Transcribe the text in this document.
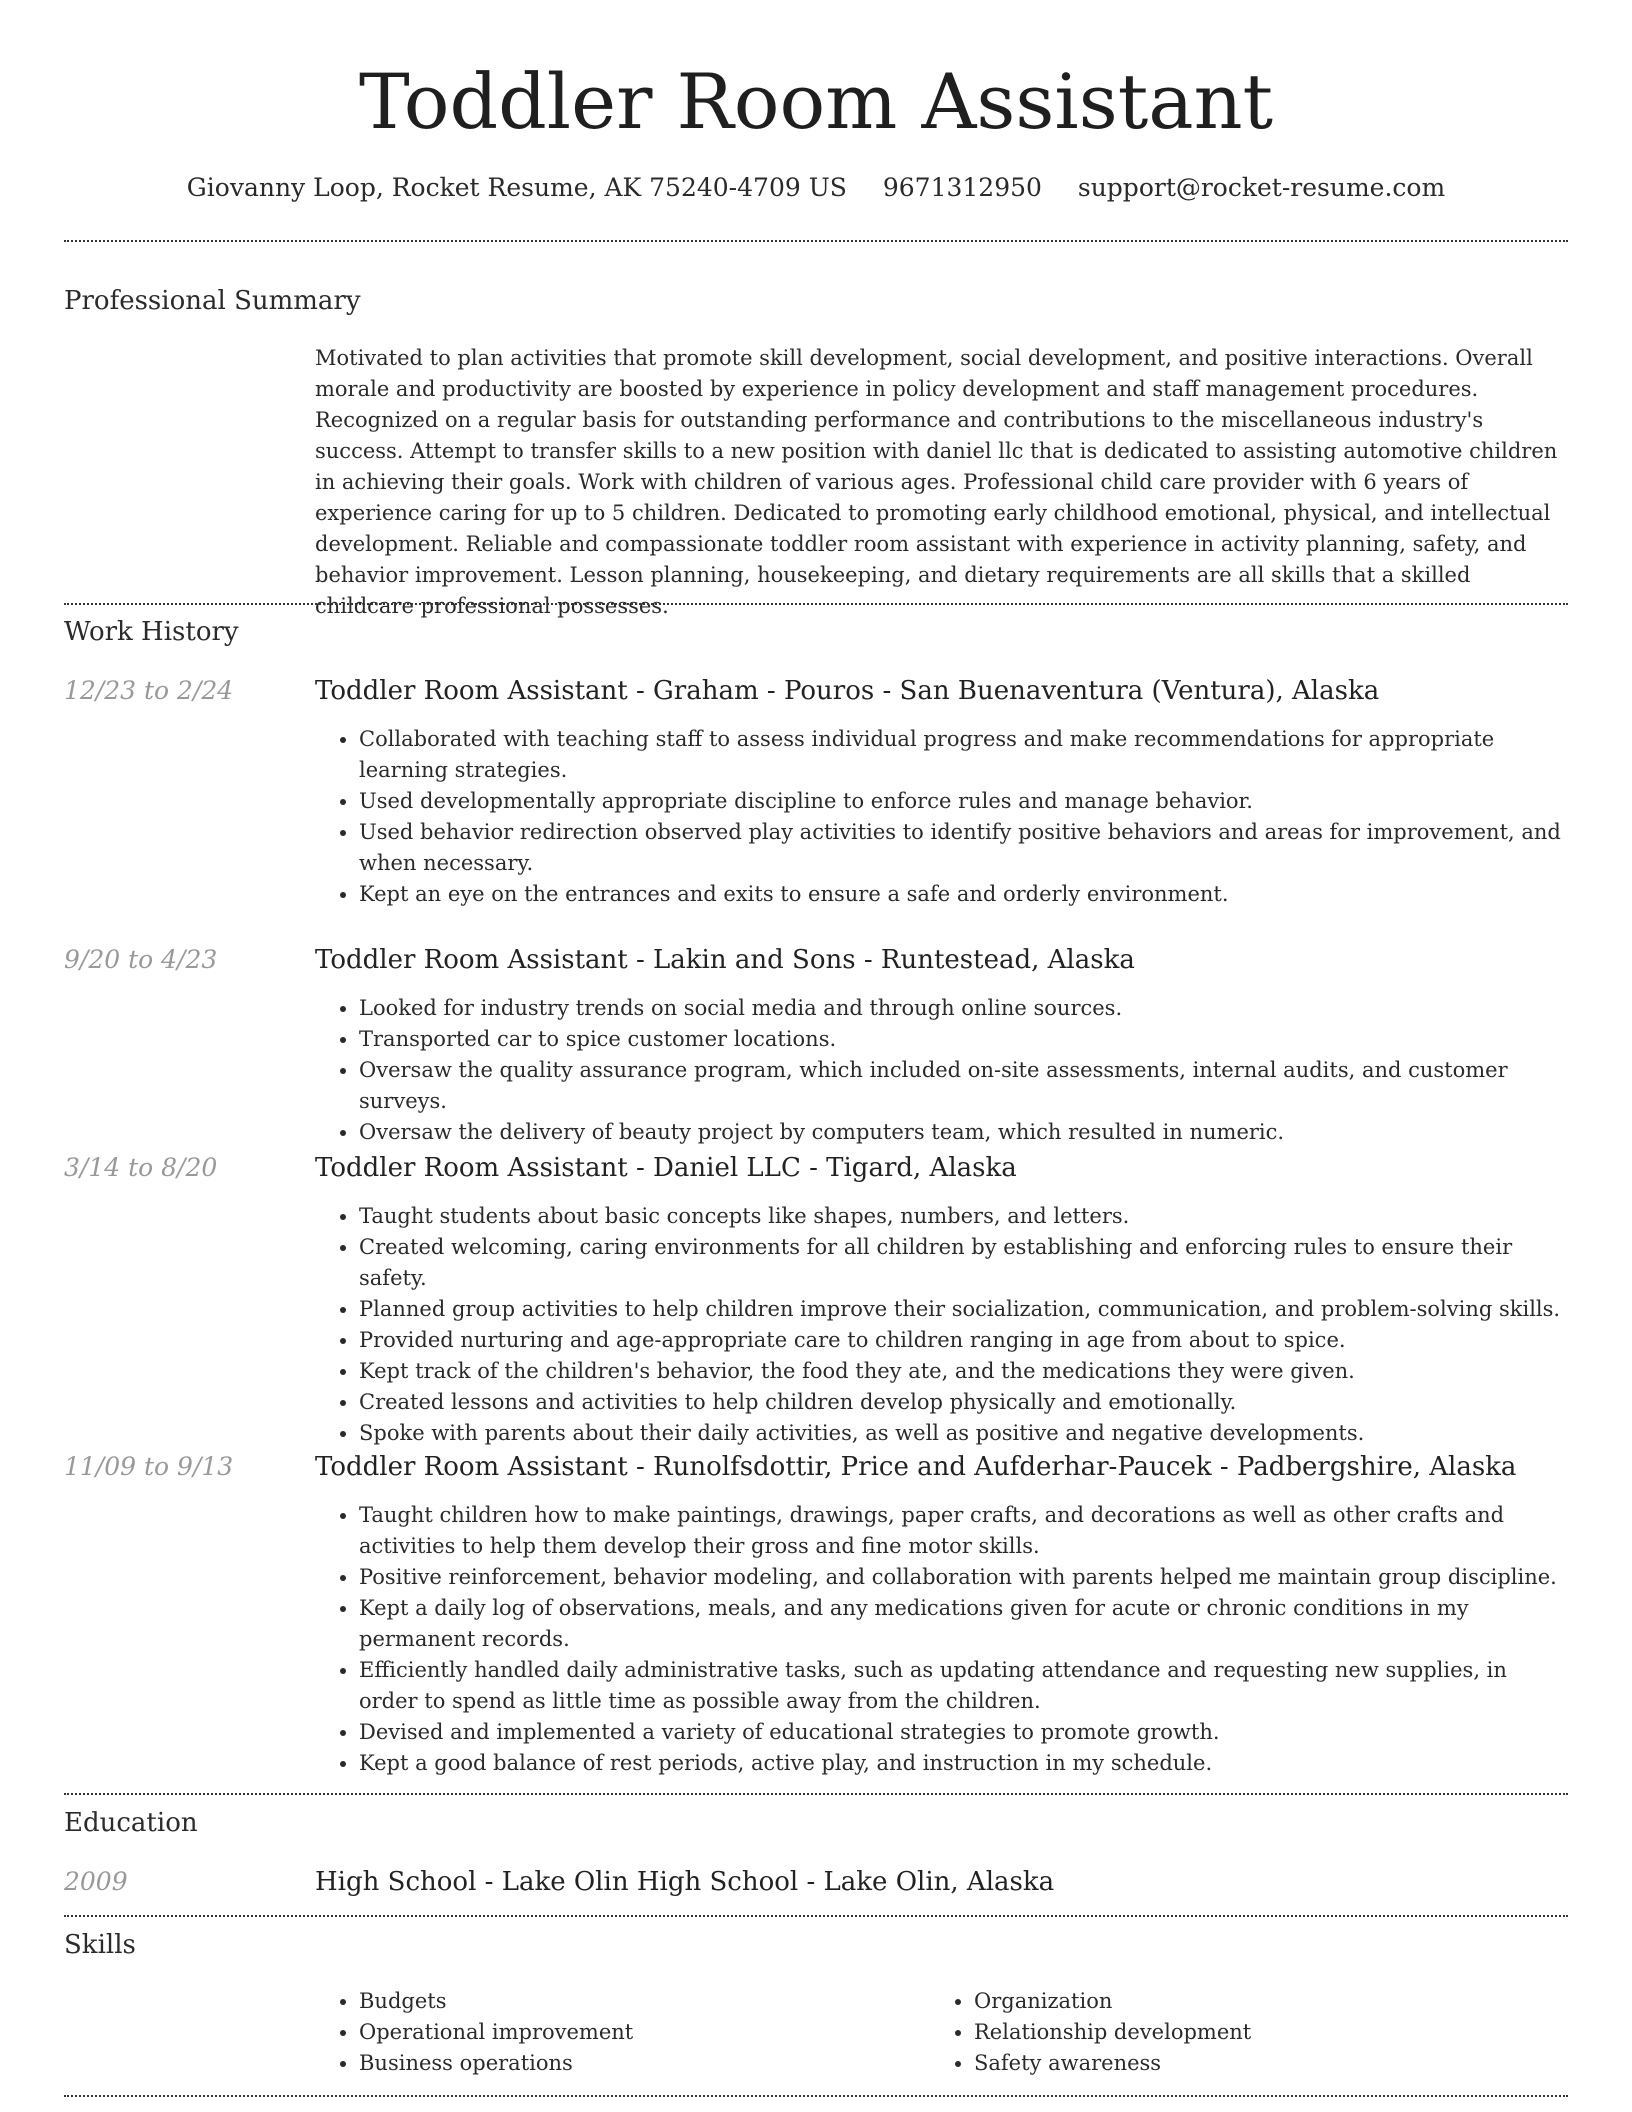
Toddler Room Assistant
Giovanny Loop, Rocket Resume, AK 75240-4709 US 9671312950 support@rocket-resume.com
Professional Summary

Motivated to plan activities that promote skill development, social development, and positive interactions. Overall morale and productivity are boosted by experience in policy development and staff management procedures. Recognized on a regular basis for outstanding performance and contributions to the miscellaneous industry's success. Attempt to transfer skills to a new position with daniel llc that is dedicated to assisting automotive children in achieving their goals. Work with children of various ages. Professional child care provider with 6 years of experience caring for up to 5 children. Dedicated to promoting early childhood emotional, physical, and intellectual development. Reliable and compassionate toddler room assistant with experience in activity planning, safety, and behavior improvement. Lesson planning, housekeeping, and dietary requirements are all skills that a skilled childcare professional possesses.

Work History
12/23 to 2/24	Toddler Room Assistant - Graham - Pouros - San Buenaventura (Ventura), Alaska
• Collaborated with teaching staff to assess individual progress and make recommendations for appropriate learning strategies.
• Used developmentally appropriate discipline to enforce rules and manage behavior.
• Used behavior redirection observed play activities to identify positive behaviors and areas for improvement, and when necessary.
• Kept an eye on the entrances and exits to ensure a safe and orderly environment.
9/20 to 4/23	Toddler Room Assistant - Lakin and Sons - Runtestead, Alaska
• Looked for industry trends on social media and through online sources.
• Transported car to spice customer locations.
• Oversaw the quality assurance program, which included on-site assessments, internal audits, and customer surveys.
• Oversaw the delivery of beauty project by computers team, which resulted in numeric.
3/14 to 8/20	Toddler Room Assistant - Daniel LLC - Tigard, Alaska
• Taught students about basic concepts like shapes, numbers, and letters.
• Created welcoming, caring environments for all children by establishing and enforcing rules to ensure their safety.
• Planned group activities to help children improve their socialization, communication, and problem-solving skills.
• Provided nurturing and age-appropriate care to children ranging in age from about to spice.
• Kept track of the children's behavior, the food they ate, and the medications they were given.
• Created lessons and activities to help children develop physically and emotionally.
• Spoke with parents about their daily activities, as well as positive and negative developments.
11/09 to 9/13	Toddler Room Assistant - Runolfsdottir, Price and Aufderhar-Paucek - Padbergshire, Alaska
• Taught children how to make paintings, drawings, paper crafts, and decorations as well as other crafts and activities to help them develop their gross and fine motor skills.
• Positive reinforcement, behavior modeling, and collaboration with parents helped me maintain group discipline.
• Kept a daily log of observations, meals, and any medications given for acute or chronic conditions in my permanent records.
• Efficiently handled daily administrative tasks, such as updating attendance and requesting new supplies, in order to spend as little time as possible away from the children.
• Devised and implemented a variety of educational strategies to promote growth.
• Kept a good balance of rest periods, active play, and instruction in my schedule.
Education
2009	High School - Lake Olin High School - Lake Olin, Alaska
Skills
• Budgets
• Operational improvement
• Business operations
• Organization
• Relationship development
• Safety awareness
